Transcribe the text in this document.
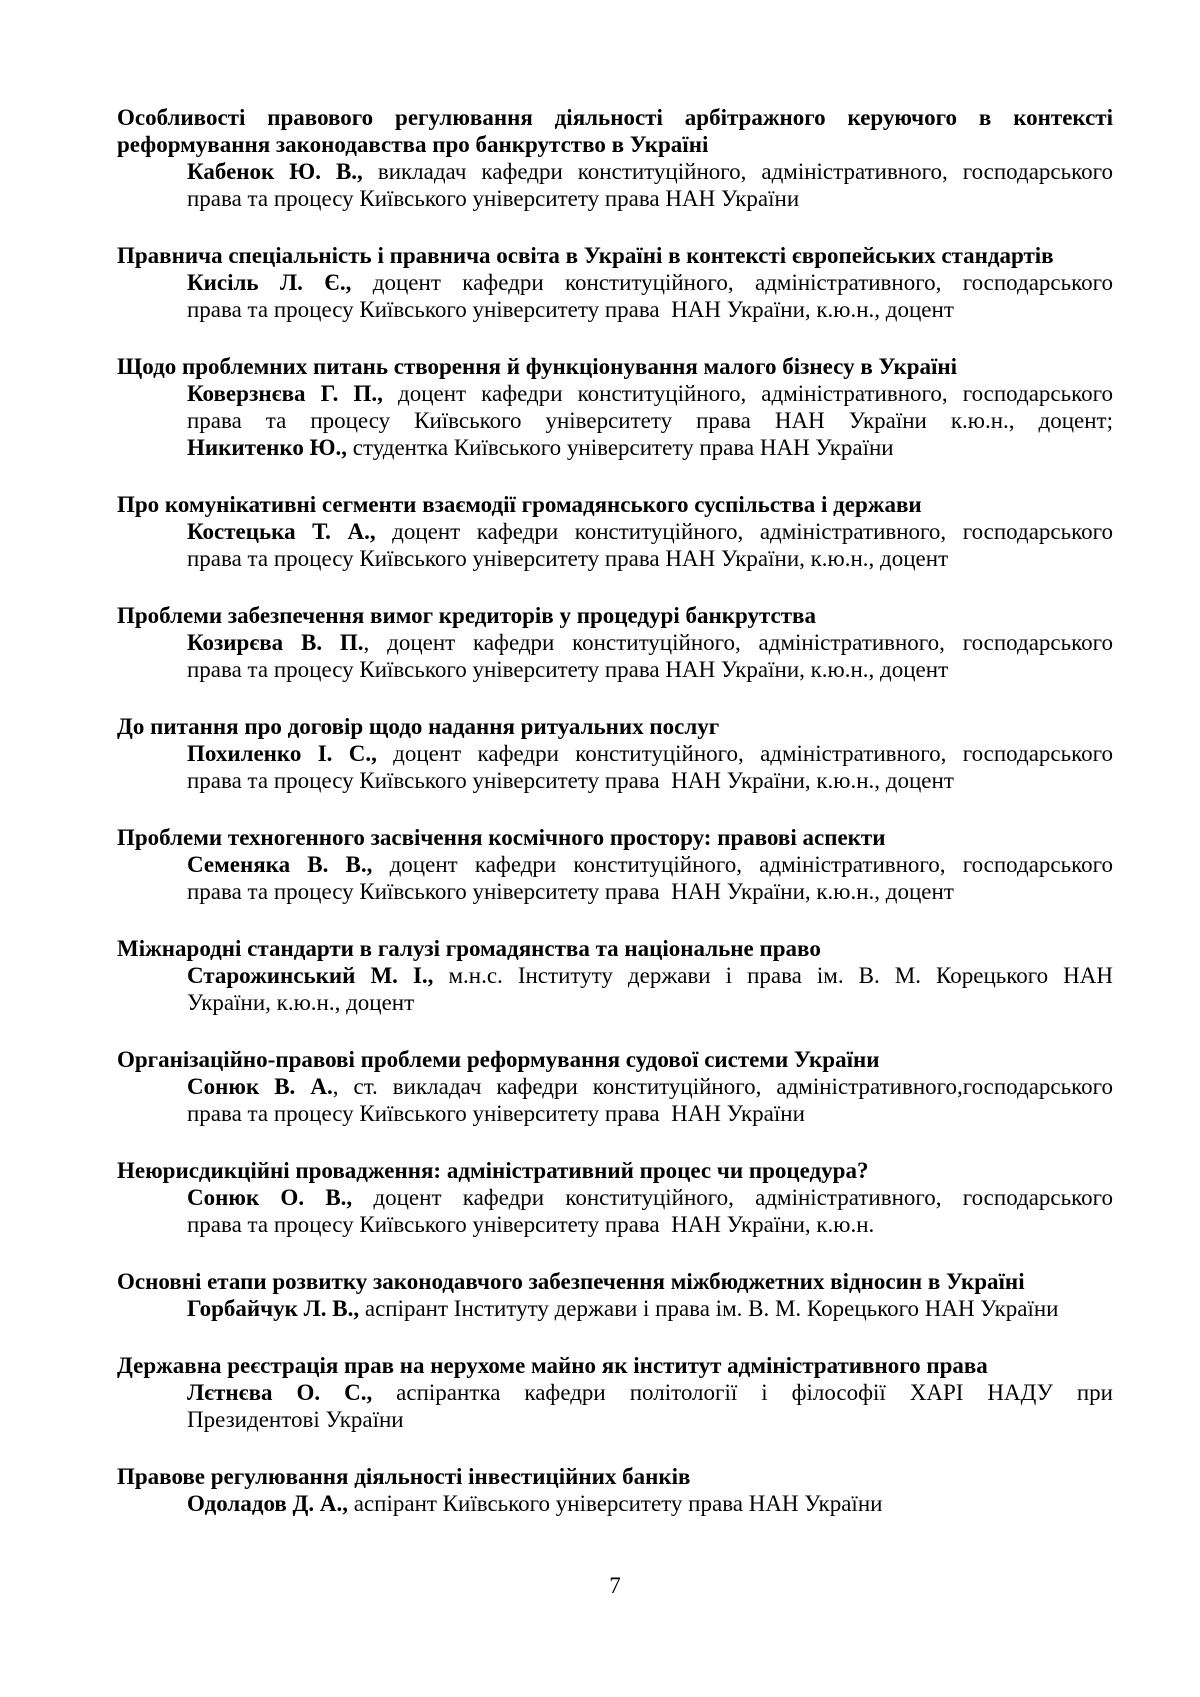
Особливості правового регулювання діяльності арбітражного керуючого в контексті
реформування законодавства про банкрутство в Україні
Кабенок Ю. В., викладач кафедри конституційного, адміністративного, господарського
права та процесу Київського університету права НАН України
Правнича спеціальність і правнича освіта в Україні в контексті європейських стандартів
Кисіль Л. Є., доцент кафедри конституційного, адміністративного, господарського
права та процесу Київського університету права  НАН України, к.ю.н., доцент
Щодо проблемних питань створення й функціонування малого бізнесу в Україні
Коверзнєва Г. П., доцент кафедри конституційного, адміністративного, господарського
права та процесу Київського університету права НАН України к.ю.н., доцент;
Никитенко Ю., студентка Київського університету права НАН України
Про комунікативні сегменти взаємодії громадянського суспільства і держави
Костецька Т. А., доцент кафедри конституційного, адміністративного, господарського
права та процесу Київського університету права НАН України, к.ю.н., доцент
Проблеми забезпечення вимог кредиторів у процедурі банкрутства
Козирєва В. П., доцент кафедри конституційного, адміністративного, господарського
права та процесу Київського університету права НАН України, к.ю.н., доцент
До питання про договір щодо надання ритуальних послуг
Похиленко І. С., доцент кафедри конституційного, адміністративного, господарського
права та процесу Київського університету права  НАН України, к.ю.н., доцент
Проблеми техногенного засвічення космічного простору: правові аспекти
Семеняка В. В., доцент кафедри конституційного, адміністративного, господарського
права та процесу Київського університету права  НАН України, к.ю.н., доцент
Міжнародні стандарти в галузі громадянства та національне право
Старожинський М. І., м.н.с. Інституту держави і права ім. В. М. Корецького НАН
України, к.ю.н., доцент
Організаційно-правові проблеми реформування судової системи України
Сонюк В. А., ст. викладач кафедри конституційного, адміністративного,господарського
права та процесу Київського університету права  НАН України
Неюрисдикційні провадження: адміністративний процес чи процедура?
Сонюк О. В., доцент кафедри конституційного, адміністративного, господарського
права та процесу Київського університету права  НАН України, к.ю.н.
Основні етапи розвитку законодавчого забезпечення міжбюджетних відносин в Україні
Горбайчук Л. В., аспірант Інституту держави і права ім. В. М. Корецького НАН України
Державна реєстрація прав на нерухоме майно як інститут адміністративного права
Лєтнєва О. С., аспірантка кафедри політології і філософії ХАРІ НАДУ при
Президентові України
Правове регулювання діяльності інвестиційних банків
Одоладов Д. А., аспірант Київського університету права НАН України
7
